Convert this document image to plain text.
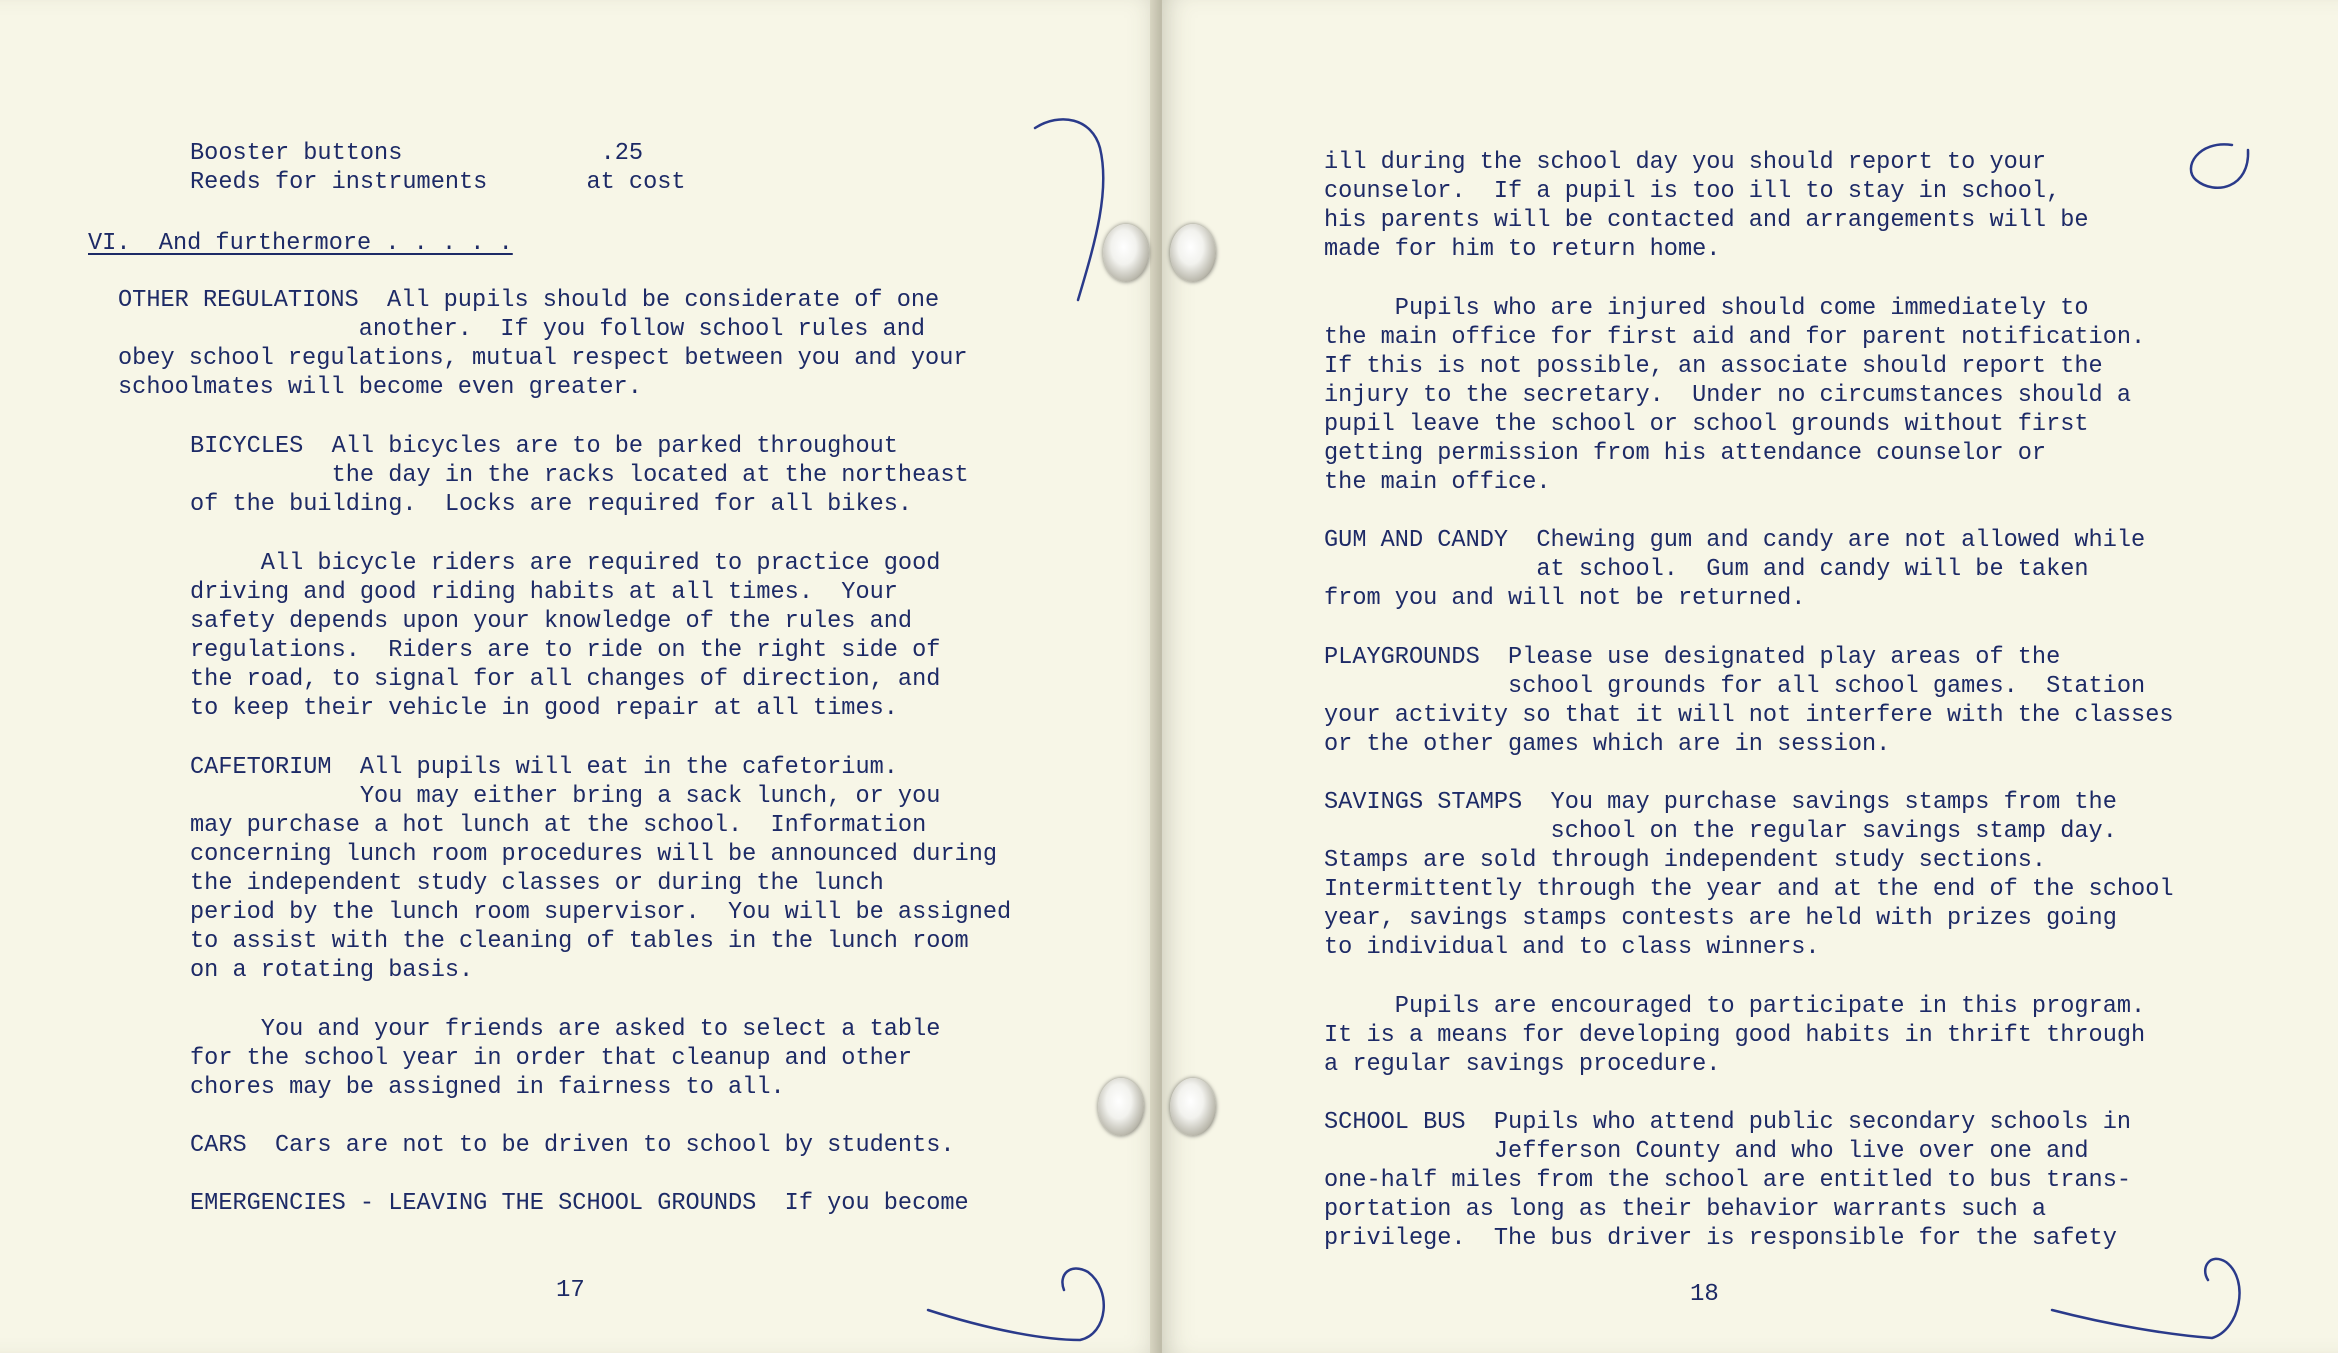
Booster buttons              .25
Reeds for instruments       at cost
VI.  And furthermore . . . . .
OTHER REGULATIONS  All pupils should be considerate of one
another.  If you follow school rules and
obey school regulations, mutual respect between you and your
schoolmates will become even greater.
BICYCLES  All bicycles are to be parked throughout
the day in the racks located at the northeast
of the building.  Locks are required for all bikes.
All bicycle riders are required to practice good
driving and good riding habits at all times.  Your
safety depends upon your knowledge of the rules and
regulations.  Riders are to ride on the right side of
the road, to signal for all changes of direction, and
to keep their vehicle in good repair at all times.
CAFETORIUM  All pupils will eat in the cafetorium.
You may either bring a sack lunch, or you
may purchase a hot lunch at the school.  Information
concerning lunch room procedures will be announced during
the independent study classes or during the lunch
period by the lunch room supervisor.  You will be assigned
to assist with the cleaning of tables in the lunch room
on a rotating basis.
You and your friends are asked to select a table
for the school year in order that cleanup and other
chores may be assigned in fairness to all.
CARS  Cars are not to be driven to school by students.
EMERGENCIES - LEAVING THE SCHOOL GROUNDS  If you become
17
ill during the school day you should report to your
counselor.  If a pupil is too ill to stay in school,
his parents will be contacted and arrangements will be
made for him to return home.
Pupils who are injured should come immediately to
the main office for first aid and for parent notification.
If this is not possible, an associate should report the
injury to the secretary.  Under no circumstances should a
pupil leave the school or school grounds without first
getting permission from his attendance counselor or
the main office.
GUM AND CANDY  Chewing gum and candy are not allowed while
at school.  Gum and candy will be taken
from you and will not be returned.
PLAYGROUNDS  Please use designated play areas of the
school grounds for all school games.  Station
your activity so that it will not interfere with the classes
or the other games which are in session.
SAVINGS STAMPS  You may purchase savings stamps from the
school on the regular savings stamp day.
Stamps are sold through independent study sections.
Intermittently through the year and at the end of the school
year, savings stamps contests are held with prizes going
to individual and to class winners.
Pupils are encouraged to participate in this program.
It is a means for developing good habits in thrift through
a regular savings procedure.
SCHOOL BUS  Pupils who attend public secondary schools in
Jefferson County and who live over one and
one-half miles from the school are entitled to bus trans-
portation as long as their behavior warrants such a
privilege.  The bus driver is responsible for the safety
18
